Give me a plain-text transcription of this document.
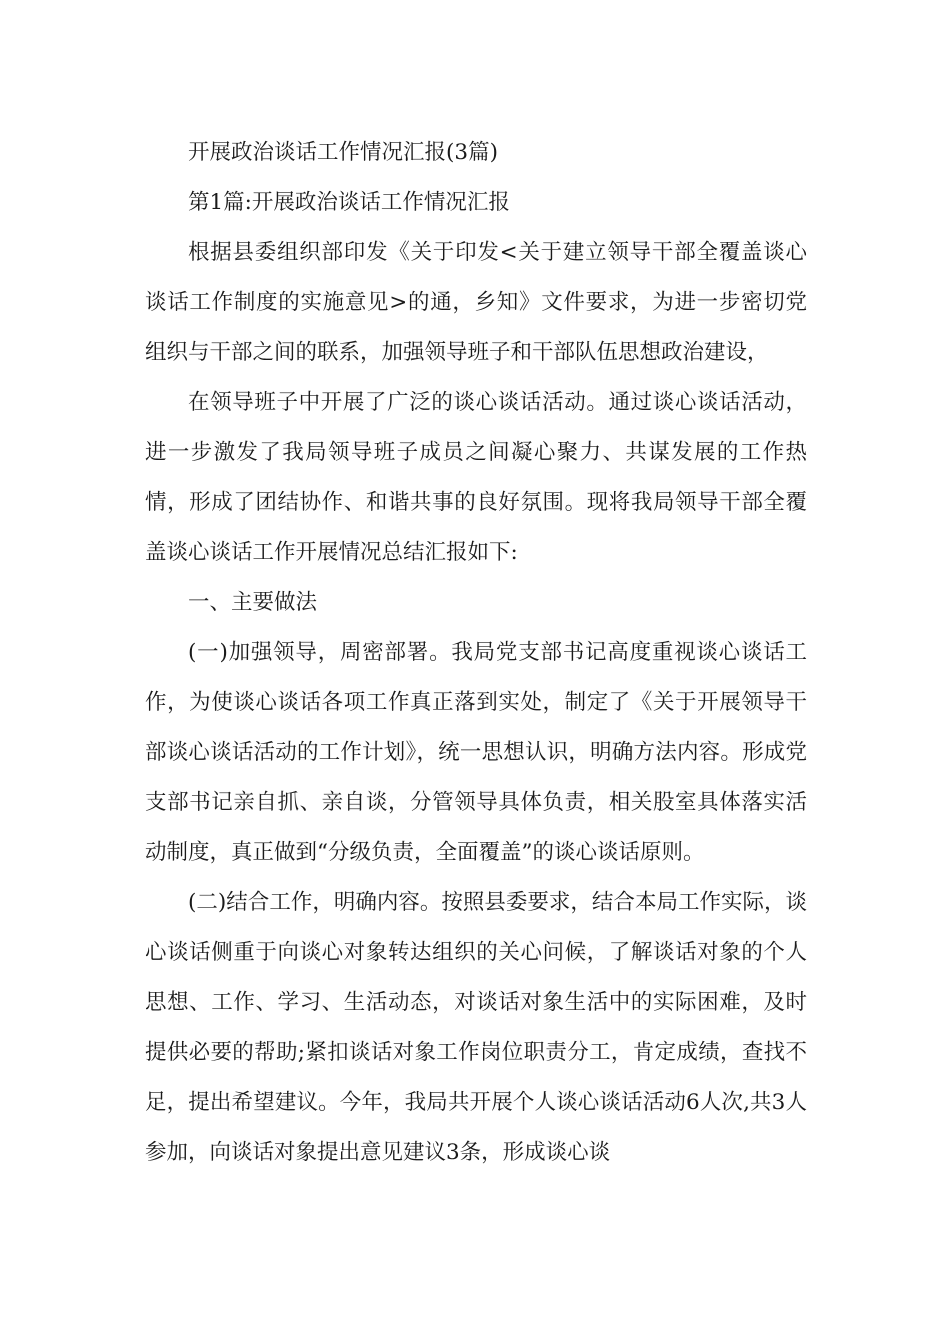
开展政治谈话工作情况汇报(3篇)

第1篇:开展政治谈话工作情况汇报

根据县委组织部印发《关于印发<关于建立领导干部全覆盖谈心谈话工作制度的实施意见>的通，乡知》文件要求，为进一步密切党组织与干部之间的联系，加强领导班子和干部队伍思想政治建设，

在领导班子中开展了广泛的谈心谈话活动。通过谈心谈话活动，进一步激发了我局领导班子成员之间凝心聚力、共谋发展的工作热情，形成了团结协作、和谐共事的良好氛围。现将我局领导干部全覆盖谈心谈话工作开展情况总结汇报如下:

一、主要做法

(一)加强领导，周密部署。我局党支部书记高度重视谈心谈话工作，为使谈心谈话各项工作真正落到实处，制定了《关于开展领导干部谈心谈话活动的工作计划》，统一思想认识，明确方法内容。形成党支部书记亲自抓、亲自谈，分管领导具体负责，相关股室具体落实活动制度，真正做到“分级负责，全面覆盖”的谈心谈话原则。

(二)结合工作，明确内容。按照县委要求，结合本局工作实际，谈心谈话侧重于向谈心对象转达组织的关心问候，了解谈话对象的个人思想、工作、学习、生活动态，对谈话对象生活中的实际困难，及时提供必要的帮助;紧扣谈话对象工作岗位职责分工，肯定成绩，查找不足，提出希望建议。今年，我局共开展个人谈心谈话活动6人次,共3人参加，向谈话对象提出意见建议3条，形成谈心谈
